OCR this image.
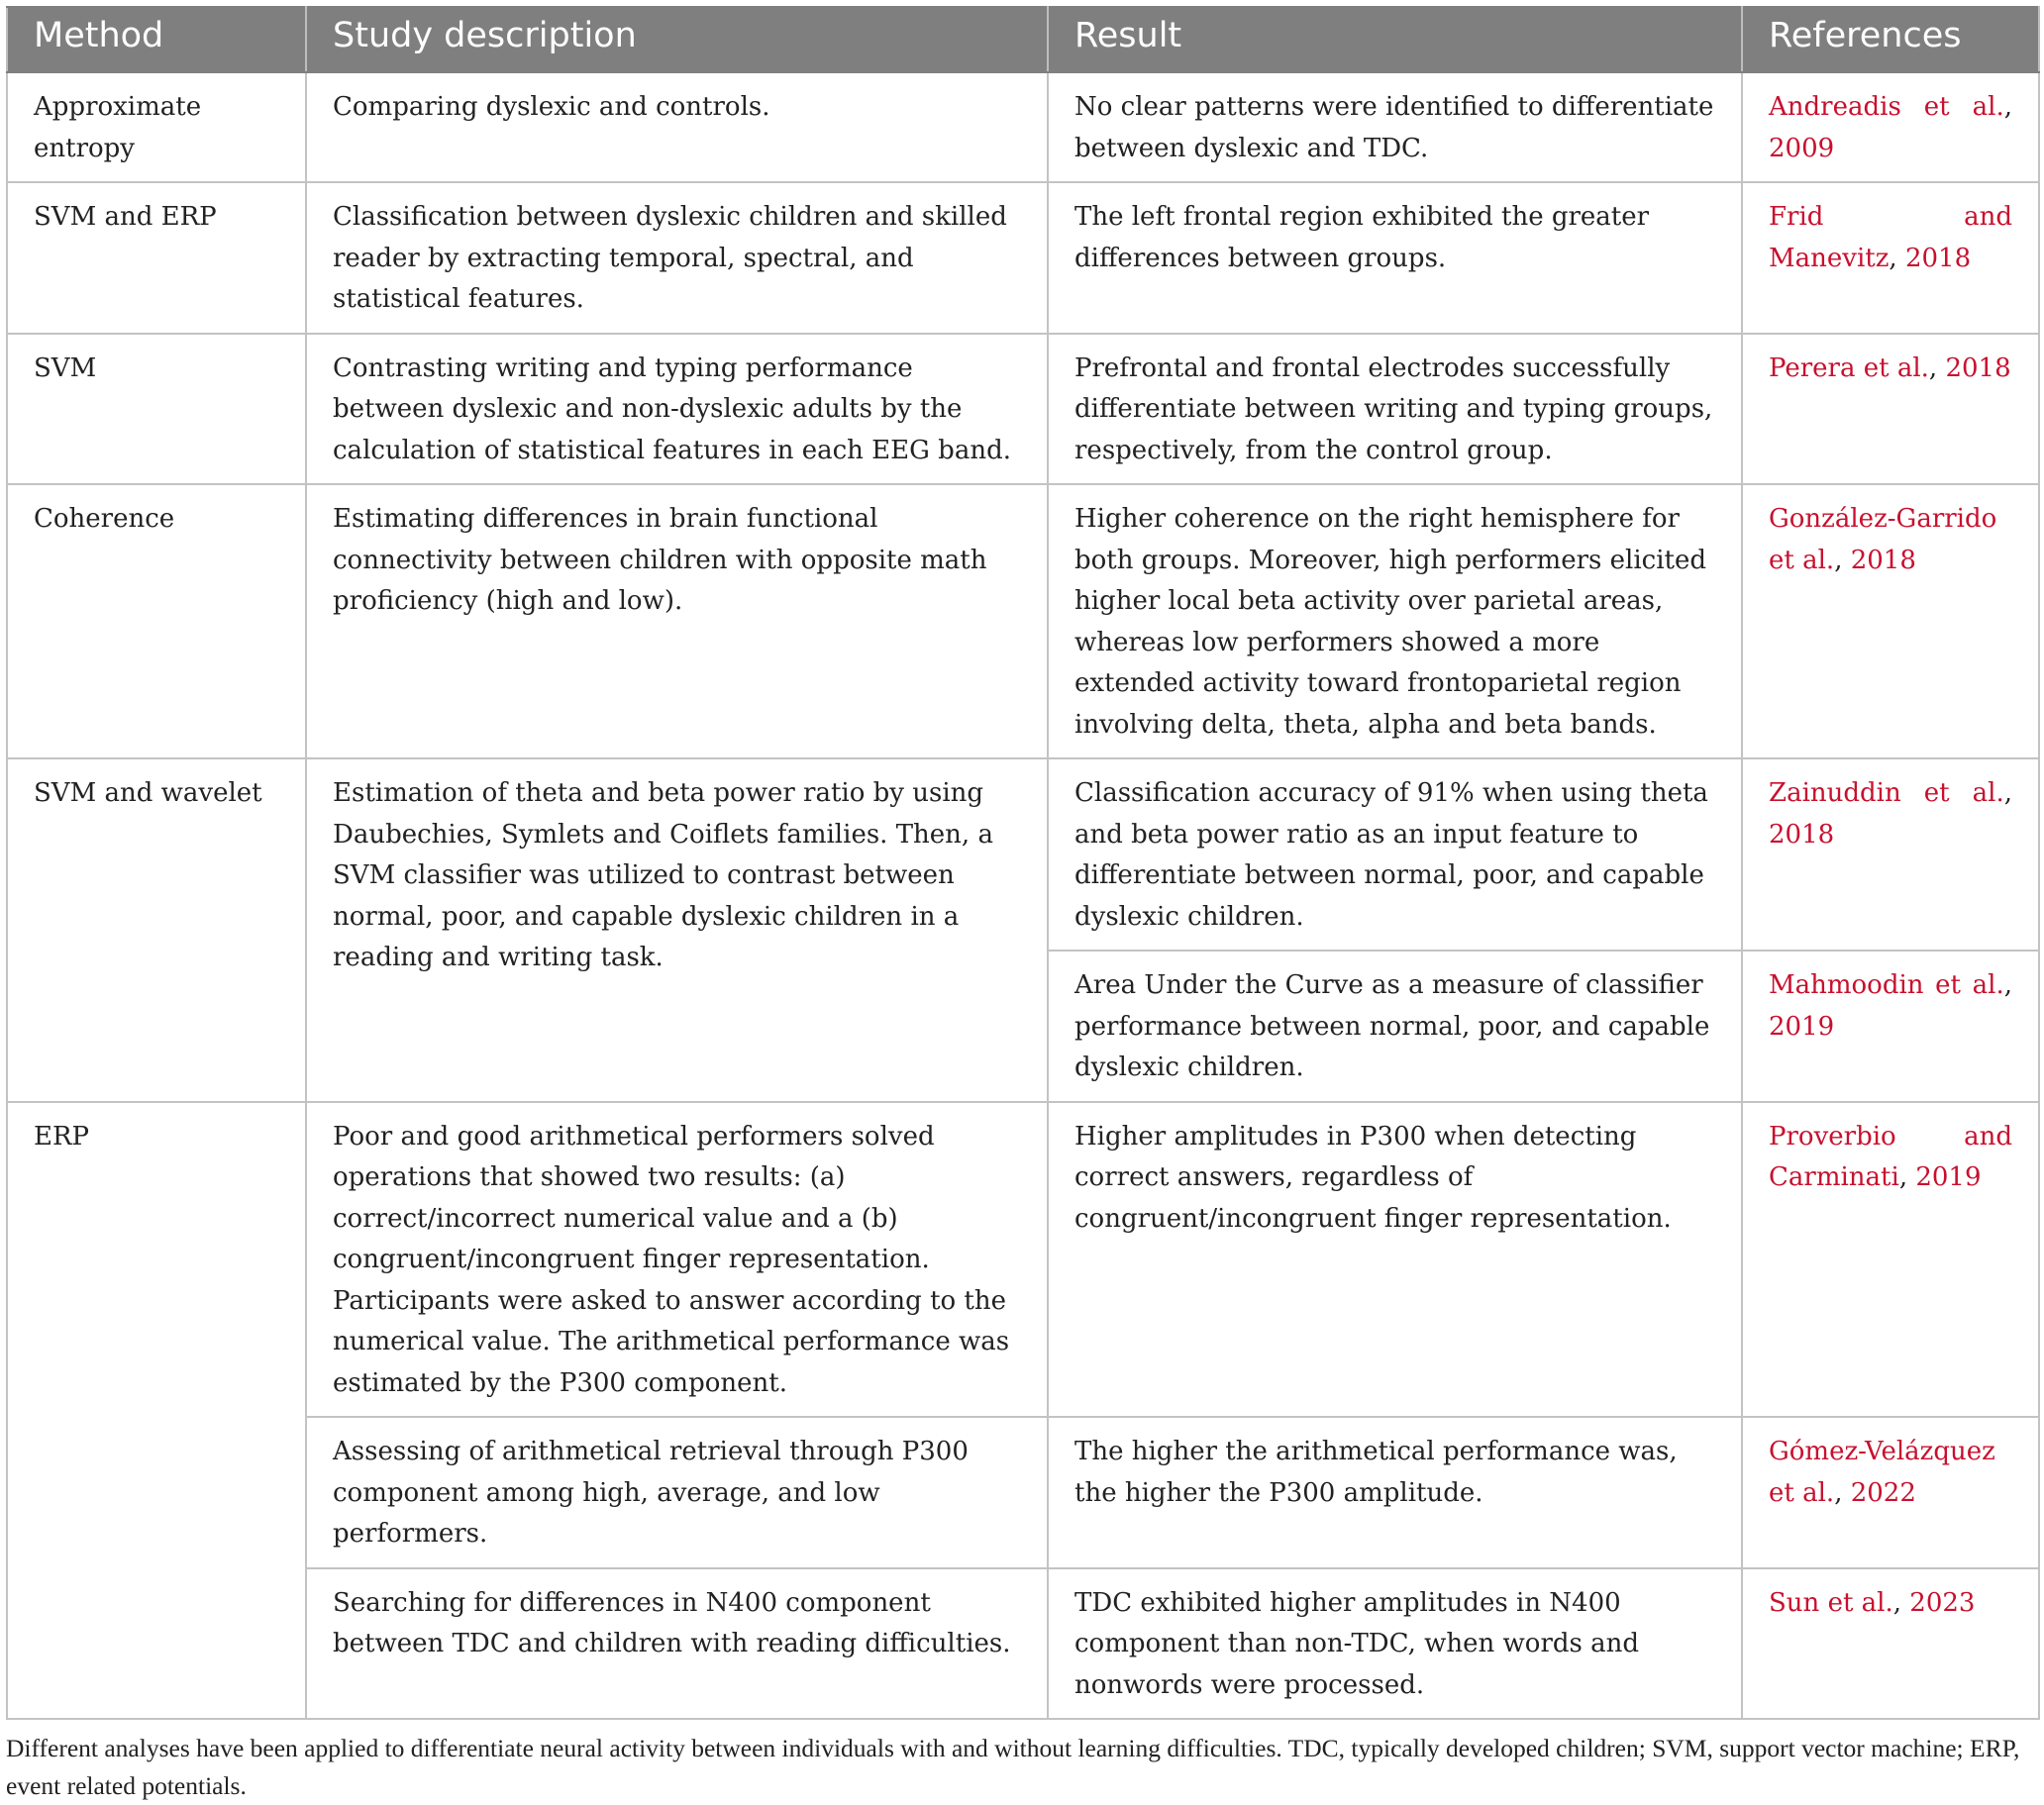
Method	Study description	Result	References
Approximate entropy	Comparing dyslexic and controls.	No clear patterns were identified to differentiate between dyslexic and TDC.	Andreadis et al., 2009
SVM and ERP	Classification between dyslexic children and skilled reader by extracting temporal, spectral, and statistical features.	The left frontal region exhibited the greater differences between groups.	Frid and Manevitz, 2018
SVM	Contrasting writing and typing performance between dyslexic and non-dyslexic adults by the calculation of statistical features in each EEG band.	Prefrontal and frontal electrodes successfully differentiate between writing and typing groups, respectively, from the control group.	Perera et al., 2018
Coherence	Estimating differences in brain functional connectivity between children with opposite math proficiency (high and low).	Higher coherence on the right hemisphere for both groups. Moreover, high performers elicited higher local beta activity over parietal areas, whereas low performers showed a more extended activity toward frontoparietal region involving delta, theta, alpha and beta bands.	González-Garrido et al., 2018
SVM and wavelet	Estimation of theta and beta power ratio by using Daubechies, Symlets and Coiflets families. Then, a SVM classifier was utilized to contrast between normal, poor, and capable dyslexic children in a reading and writing task.	Classification accuracy of 91% when using theta and beta power ratio as an input feature to differentiate between normal, poor, and capable dyslexic children.	Zainuddin et al., 2018
		Area Under the Curve as a measure of classifier performance between normal, poor, and capable dyslexic children.	Mahmoodin et al., 2019
ERP	Poor and good arithmetical performers solved operations that showed two results: (a) correct/incorrect numerical value and a (b) congruent/incongruent finger representation. Participants were asked to answer according to the numerical value. The arithmetical performance was estimated by the P300 component.	Higher amplitudes in P300 when detecting correct answers, regardless of congruent/incongruent finger representation.	Proverbio and Carminati, 2019
	Assessing of arithmetical retrieval through P300 component among high, average, and low performers.	The higher the arithmetical performance was, the higher the P300 amplitude.	Gómez-Velázquez et al., 2022
	Searching for differences in N400 component between TDC and children with reading difficulties.	TDC exhibited higher amplitudes in N400 component than non-TDC, when words and nonwords were processed.	Sun et al., 2023
Different analyses have been applied to differentiate neural activity between individuals with and without learning difficulties. TDC, typically developed children; SVM, support vector machine; ERP, event related potentials.
